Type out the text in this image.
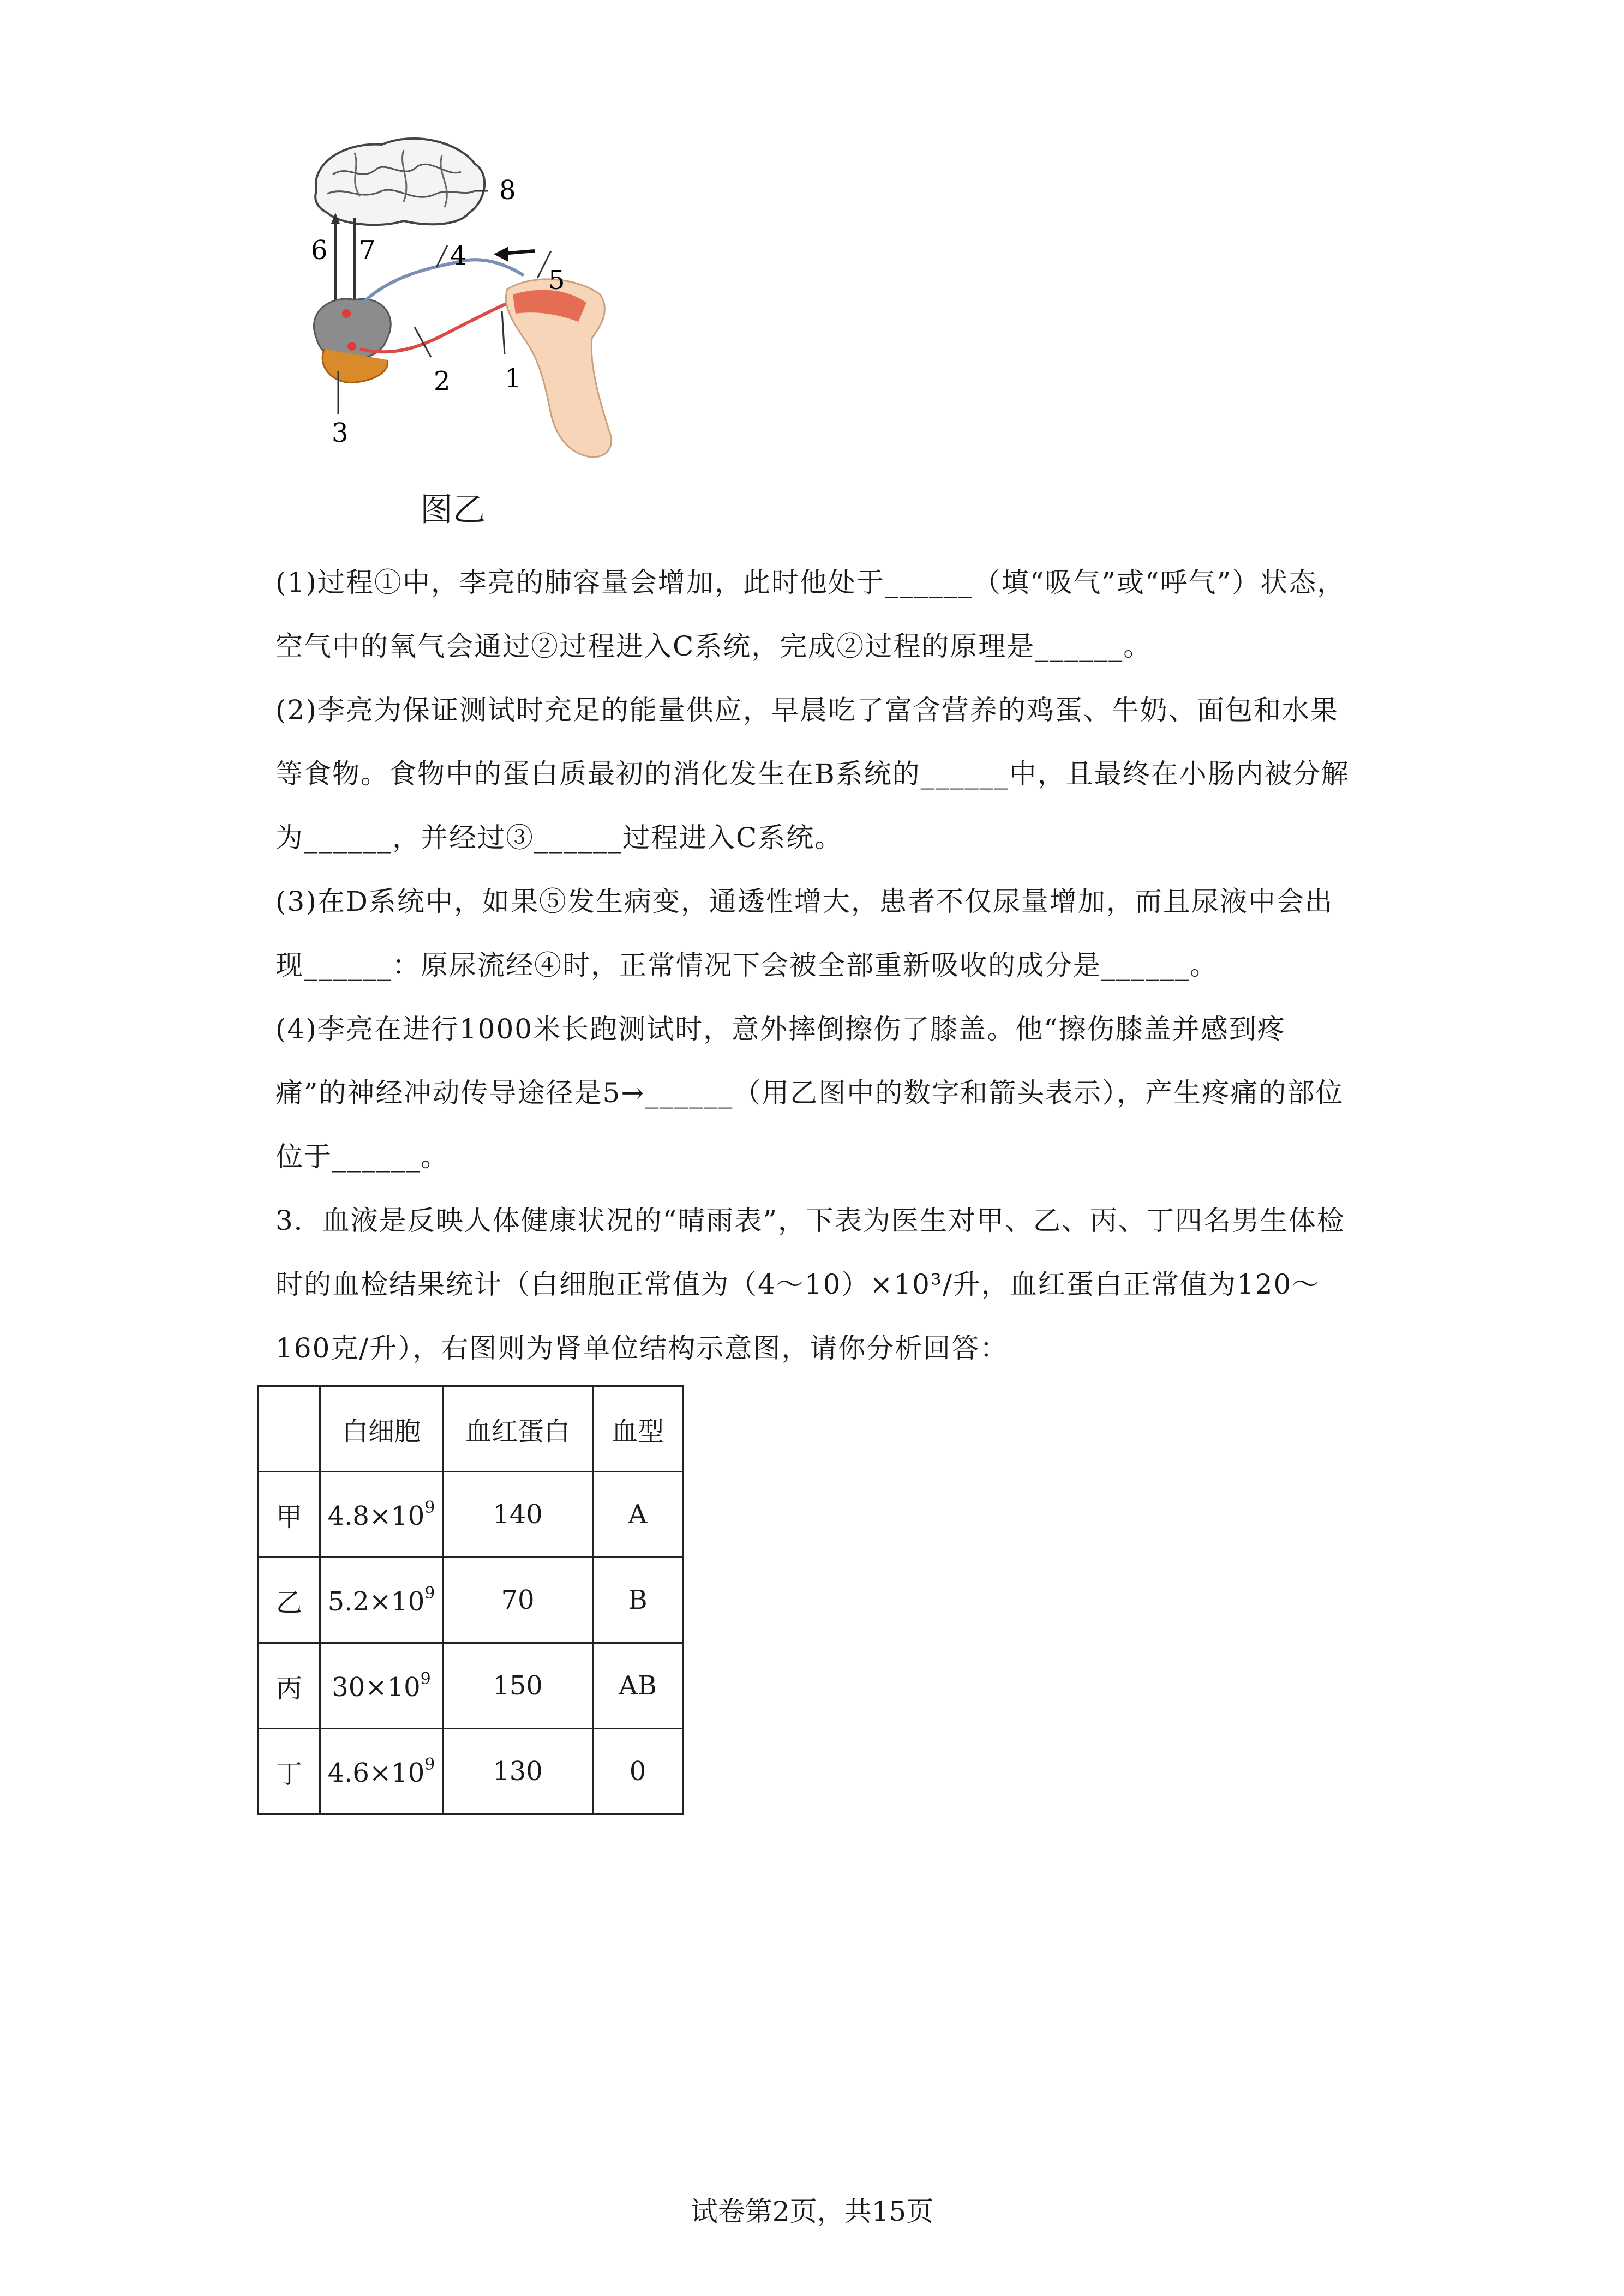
8
6 7	4
5
2 1
3
图乙

(1)过程①中，李亮的肺容量会增加，此时他处于______（填“吸气”或“呼气”）状态，空气中的氧气会通过②过程进入C系统，完成②过程的原理是______。

(2)李亮为保证测试时充足的能量供应，早晨吃了富含营养的鸡蛋、牛奶、面包和水果等食物。食物中的蛋白质最初的消化发生在B系统的______中，且最终在小肠内被分解为______，并经过③______过程进入C系统。

(3)在D系统中，如果⑤发生病变，通透性增大，患者不仅尿量增加，而且尿液中会出现______：原尿流经④时，正常情况下会被全部重新吸收的成分是______。

(4)李亮在进行1000米长跑测试时，意外摔倒擦伤了膝盖。他“擦伤膝盖并感到疼痛”的神经冲动传导途径是5→______（用乙图中的数字和箭头表示），产生疼痛的部位位于______。

3．血液是反映人体健康状况的“晴雨表”，下表为医生对甲、乙、丙、丁四名男生体检时的血检结果统计（白细胞正常值为（4～10）×10³/升，血红蛋白正常值为120～160克/升），右图则为肾单位结构示意图，请你分析回答：

	白细胞	血红蛋白	血型
甲	$4.8\times 10^9$	140	A
乙	$5.2\times 10^9$	70	B
丙	$30\times 10^9$	150	AB
丁	$4.6\times 10^9$	130	0
试卷第2页，共15页
